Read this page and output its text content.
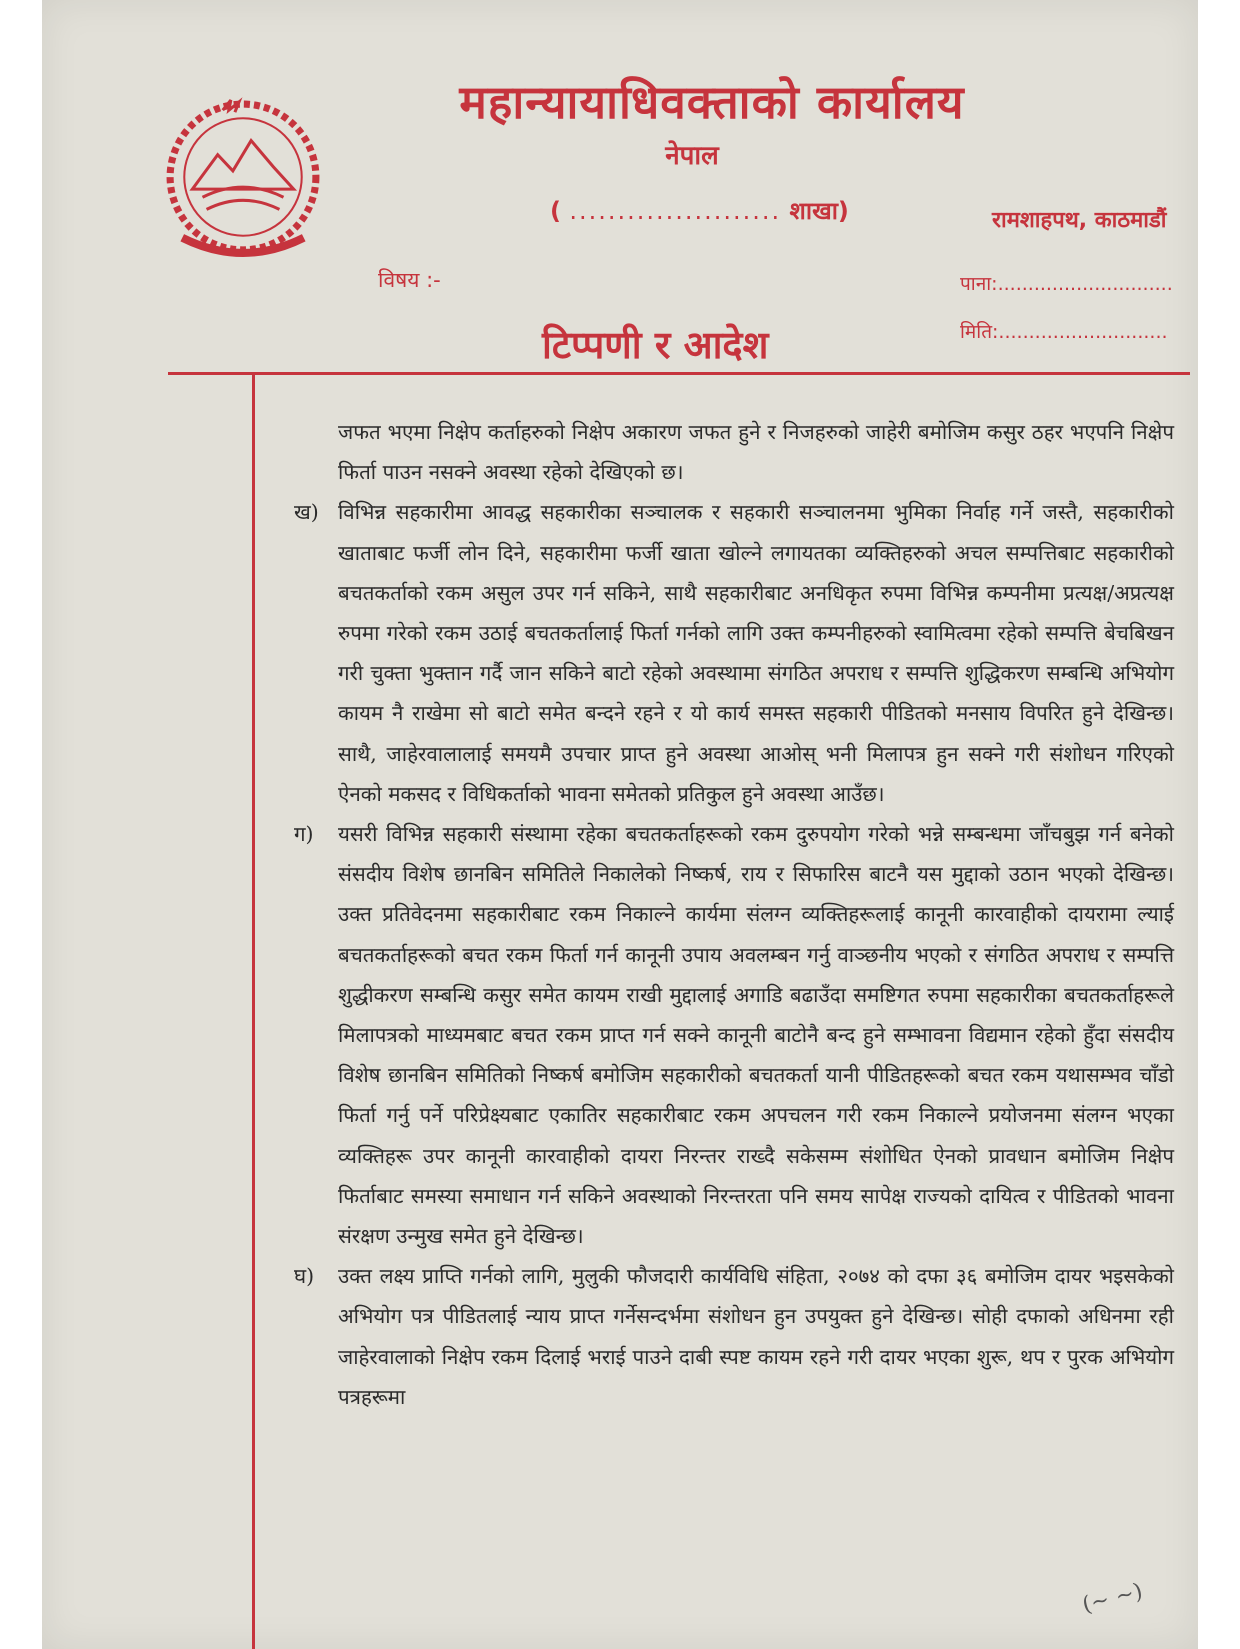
महान्यायाधिवक्ताको कार्यालय
नेपाल
( ...................... शाखा)	रामशाहपथ, काठमाडौं
विषय :-	पाना:.............................
मिति:............................
टिप्पणी र आदेश

जफत भएमा निक्षेप कर्ताहरुको निक्षेप अकारण जफत हुने र निजहरुको जाहेरी बमोजिम कसुर ठहर भएपनि निक्षेप फिर्ता पाउन नसक्ने अवस्था रहेको देखिएको छ।

ख) विभिन्न सहकारीमा आवद्ध सहकारीका सञ्चालक र सहकारी सञ्चालनमा भुमिका निर्वाह गर्ने जस्तै, सहकारीको खाताबाट फर्जी लोन दिने, सहकारीमा फर्जी खाता खोल्ने लगायतका व्यक्तिहरुको अचल सम्पत्तिबाट सहकारीको बचतकर्ताको रकम असुल उपर गर्न सकिने, साथै सहकारीबाट अनधिकृत रुपमा विभिन्न कम्पनीमा प्रत्यक्ष/अप्रत्यक्ष रुपमा गरेको रकम उठाई बचतकर्तालाई फिर्ता गर्नको लागि उक्त कम्पनीहरुको स्वामित्वमा रहेको सम्पत्ति बेचबिखन गरी चुक्ता भुक्तान गर्दै जान सकिने बाटो रहेको अवस्थामा संगठित अपराध र सम्पत्ति शुद्धिकरण सम्बन्धि अभियोग कायम नै राखेमा सो बाटो समेत बन्दने रहने र यो कार्य समस्त सहकारी पीडितको मनसाय विपरित हुने देखिन्छ। साथै, जाहेरवालालाई समयमै उपचार प्राप्त हुने अवस्था आओस् भनी मिलापत्र हुन सक्ने गरी संशोधन गरिएको ऐनको मकसद र विधिकर्ताको भावना समेतको प्रतिकुल हुने अवस्था आउँछ।

ग) यसरी विभिन्न सहकारी संस्थामा रहेका बचतकर्ताहरूको रकम दुरुपयोग गरेको भन्ने सम्बन्धमा जाँचबुझ गर्न बनेको संसदीय विशेष छानबिन समितिले निकालेको निष्कर्ष, राय र सिफारिस बाटनै यस मुद्दाको उठान भएको देखिन्छ। उक्त प्रतिवेदनमा सहकारीबाट रकम निकाल्ने कार्यमा संलग्न व्यक्तिहरूलाई कानूनी कारवाहीको दायरामा ल्याई बचतकर्ताहरूको बचत रकम फिर्ता गर्न कानूनी उपाय अवलम्बन गर्नु वाञ्छनीय भएको र संगठित अपराध र सम्पत्ति शुद्धीकरण सम्बन्धि कसुर समेत कायम राखी मुद्दालाई अगाडि बढाउँदा समष्टिगत रुपमा सहकारीका बचतकर्ताहरूले मिलापत्रको माध्यमबाट बचत रकम प्राप्त गर्न सक्ने कानूनी बाटोनै बन्द हुने सम्भावना विद्यमान रहेको हुँदा संसदीय विशेष छानबिन समितिको निष्कर्ष बमोजिम सहकारीको बचतकर्ता यानी पीडितहरूको बचत रकम यथासम्भव चाँडो फिर्ता गर्नु पर्ने परिप्रेक्ष्यबाट एकातिर सहकारीबाट रकम अपचलन गरी रकम निकाल्ने प्रयोजनमा संलग्न भएका व्यक्तिहरू उपर कानूनी कारवाहीको दायरा निरन्तर राख्दै सकेसम्म संशोधित ऐनको प्रावधान बमोजिम निक्षेप फिर्ताबाट समस्या समाधान गर्न सकिने अवस्थाको निरन्तरता पनि समय सापेक्ष राज्यको दायित्व र पीडितको भावना संरक्षण उन्मुख समेत हुने देखिन्छ।

घ) उक्त लक्ष्य प्राप्ति गर्नको लागि, मुलुकी फौजदारी कार्यविधि संहिता, २०७४ को दफा ३६ बमोजिम दायर भइसकेको अभियोग पत्र पीडितलाई न्याय प्राप्त गर्नेसन्दर्भमा संशोधन हुन उपयुक्त हुने देखिन्छ। सोही दफाको अधिनमा रही जाहेरवालाको निक्षेप रकम दिलाई भराई पाउने दाबी स्पष्ट कायम रहने गरी दायर भएका शुरू, थप र पुरक अभियोग पत्रहरूमा

(~ ~)
